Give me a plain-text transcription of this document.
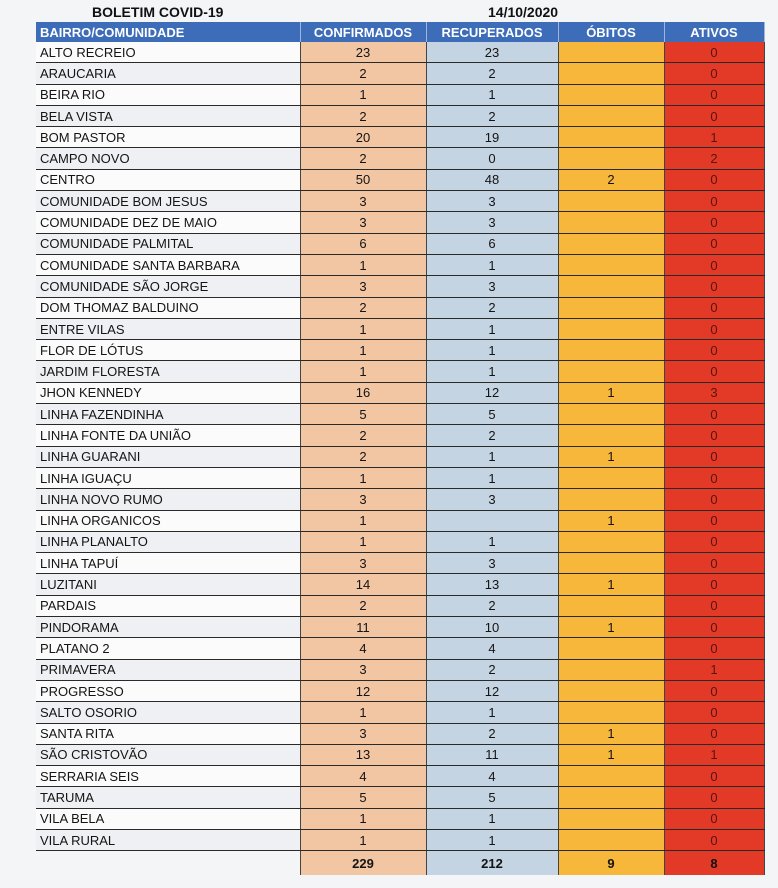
BOLETIM COVID-19	14/10/2020
BAIRRO/COMUNIDADE	CONFIRMADOS	RECUPERADOS	ÓBITOS	ATIVOS
ALTO RECREIO	23	23		0
ARAUCARIA	2	2		0
BEIRA RIO	1	1		0
BELA VISTA	2	2		0
BOM PASTOR	20	19		1
CAMPO NOVO	2	0		2
CENTRO	50	48	2	0
COMUNIDADE BOM JESUS	3	3		0
COMUNIDADE DEZ DE MAIO	3	3		0
COMUNIDADE PALMITAL	6	6		0
COMUNIDADE SANTA BARBARA	1	1		0
COMUNIDADE SÃO JORGE	3	3		0
DOM THOMAZ BALDUINO	2	2		0
ENTRE VILAS	1	1		0
FLOR DE LÓTUS	1	1		0
JARDIM FLORESTA	1	1		0
JHON KENNEDY	16	12	1	3
LINHA FAZENDINHA	5	5		0
LINHA FONTE DA UNIÃO	2	2		0
LINHA GUARANI	2	1	1	0
LINHA IGUAÇU	1	1		0
LINHA NOVO RUMO	3	3		0
LINHA ORGANICOS	1		1	0
LINHA PLANALTO	1	1		0
LINHA TAPUÍ	3	3		0
LUZITANI	14	13	1	0
PARDAIS	2	2		0
PINDORAMA	11	10	1	0
PLATANO 2	4	4		0
PRIMAVERA	3	2		1
PROGRESSO	12	12		0
SALTO OSORIO	1	1		0
SANTA RITA	3	2	1	0
SÃO CRISTOVÃO	13	11	1	1
SERRARIA SEIS	4	4		0
TARUMA	5	5		0
VILA BELA	1	1		0
VILA RURAL	1	1		0
	229	212	9	8
